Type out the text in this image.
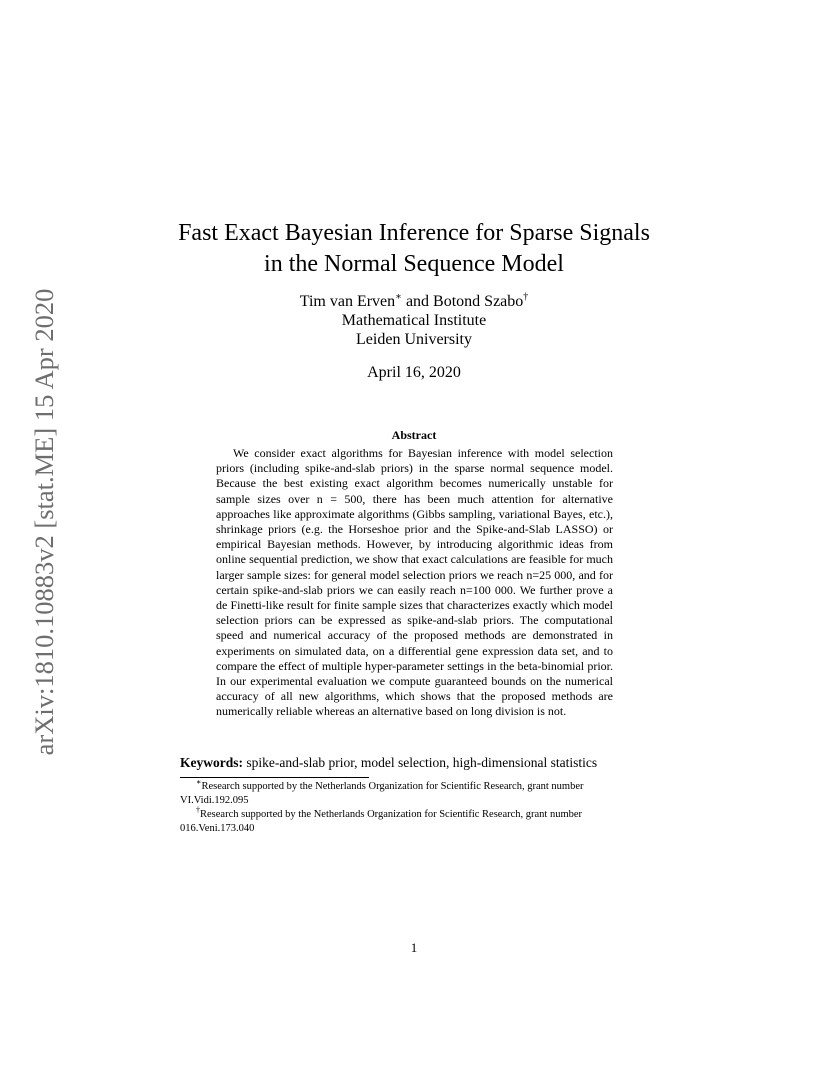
arXiv:1810.10883v2 [stat.ME] 15 Apr 2020
Fast Exact Bayesian Inference for Sparse Signals
in the Normal Sequence Model
Tim van Erven∗ and Botond Szabo†
Mathematical Institute
Leiden University
April 16, 2020
Abstract
We consider exact algorithms for Bayesian inference with model selection priors (including spike-and-slab priors) in the sparse normal sequence model. Because the best existing exact algorithm becomes numerically unstable for sample sizes over n = 500, there has been much attention for alternative approaches like approximate algorithms (Gibbs sampling, variational Bayes, etc.), shrinkage priors (e.g. the Horseshoe prior and the Spike-and-Slab LASSO) or empirical Bayesian methods. However, by introducing algorithmic ideas from online sequential prediction, we show that exact calculations are feasible for much larger sample sizes: for general model selection priors we reach n=25 000, and for certain spike-and-slab priors we can easily reach n=100 000. We further prove a de Finetti-like result for finite sample sizes that characterizes exactly which model selection priors can be expressed as spike-and-slab priors. The computational speed and numerical accuracy of the proposed methods are demonstrated in experiments on simulated data, on a differential gene expression data set, and to compare the effect of multiple hyper-parameter settings in the beta-binomial prior. In our experimental evaluation we compute guaranteed bounds on the numerical accuracy of all new algorithms, which shows that the proposed methods are numerically reliable whereas an alternative based on long division is not.
Keywords: spike-and-slab prior, model selection, high-dimensional statistics
∗Research supported by the Netherlands Organization for Scientific Research, grant number VI.Vidi.192.095
†Research supported by the Netherlands Organization for Scientific Research, grant number 016.Veni.173.040
1
